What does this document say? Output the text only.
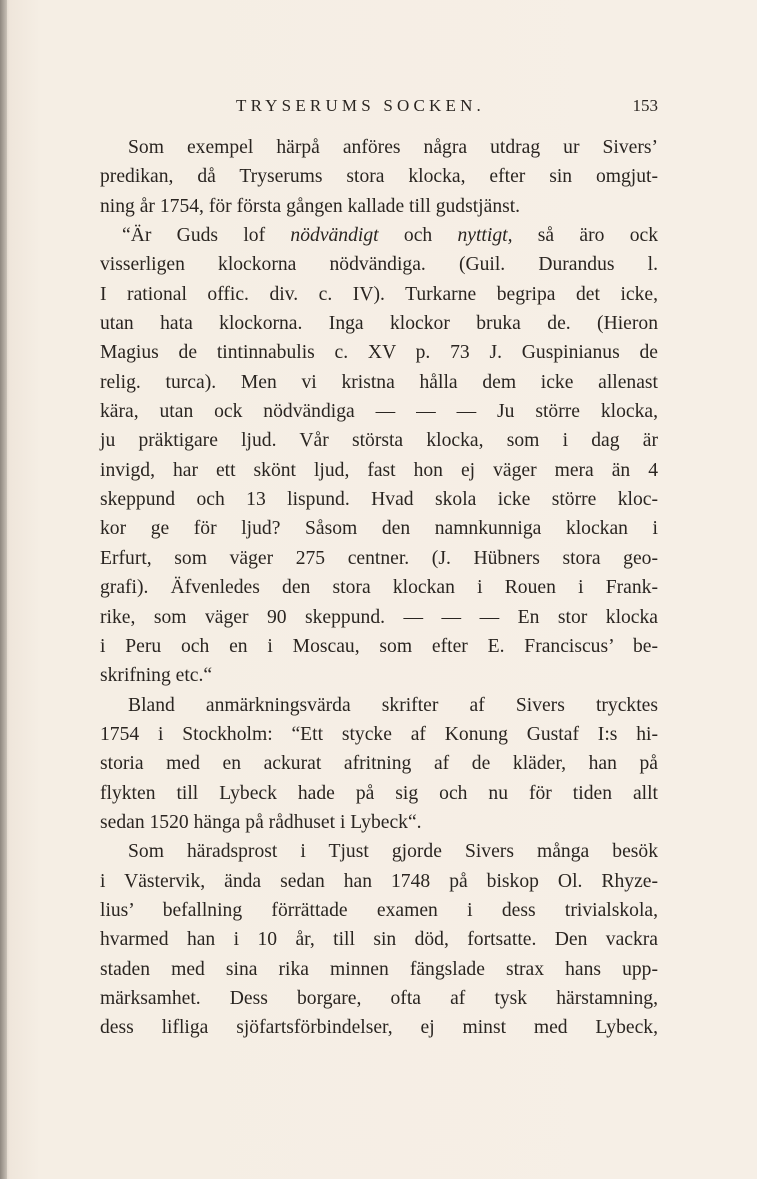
TRYSERUMS SOCKEN.	153
Som exempel härpå anföres några utdrag ur Sivers’
predikan, då Tryserums stora klocka, efter sin omgjut-
ning år 1754, för första gången kallade till gudstjänst.
“Är Guds lof nödvändigt och nyttigt, så äro ock
visserligen klockorna nödvändiga. (Guil. Durandus l.
I rational offic. div. c. IV). Turkarne begripa det icke,
utan hata klockorna. Inga klockor bruka de. (Hieron
Magius de tintinnabulis c. XV p. 73 J. Guspinianus de
relig. turca). Men vi kristna hålla dem icke allenast
kära, utan ock nödvändiga — — — Ju större klocka,
ju präktigare ljud. Vår största klocka, som i dag är
invigd, har ett skönt ljud, fast hon ej väger mera än 4
skeppund och 13 lispund. Hvad skola icke större kloc-
kor ge för ljud? Såsom den namnkunniga klockan i
Erfurt, som väger 275 centner. (J. Hübners stora geo-
grafi). Äfvenledes den stora klockan i Rouen i Frank-
rike, som väger 90 skeppund. — — — En stor klocka
i Peru och en i Moscau, som efter E. Franciscus’ be-
skrifning etc.“
Bland anmärkningsvärda skrifter af Sivers trycktes
1754 i Stockholm: “Ett stycke af Konung Gustaf I:s hi-
storia med en ackurat afritning af de kläder, han på
flykten till Lybeck hade på sig och nu för tiden allt
sedan 1520 hänga på rådhuset i Lybeck“.
Som häradsprost i Tjust gjorde Sivers många besök
i Västervik, ända sedan han 1748 på biskop Ol. Rhyze-
lius’ befallning förrättade examen i dess trivialskola,
hvarmed han i 10 år, till sin död, fortsatte. Den vackra
staden med sina rika minnen fängslade strax hans upp-
märksamhet. Dess borgare, ofta af tysk härstamning,
dess lifliga sjöfartsförbindelser, ej minst med Lybeck,
